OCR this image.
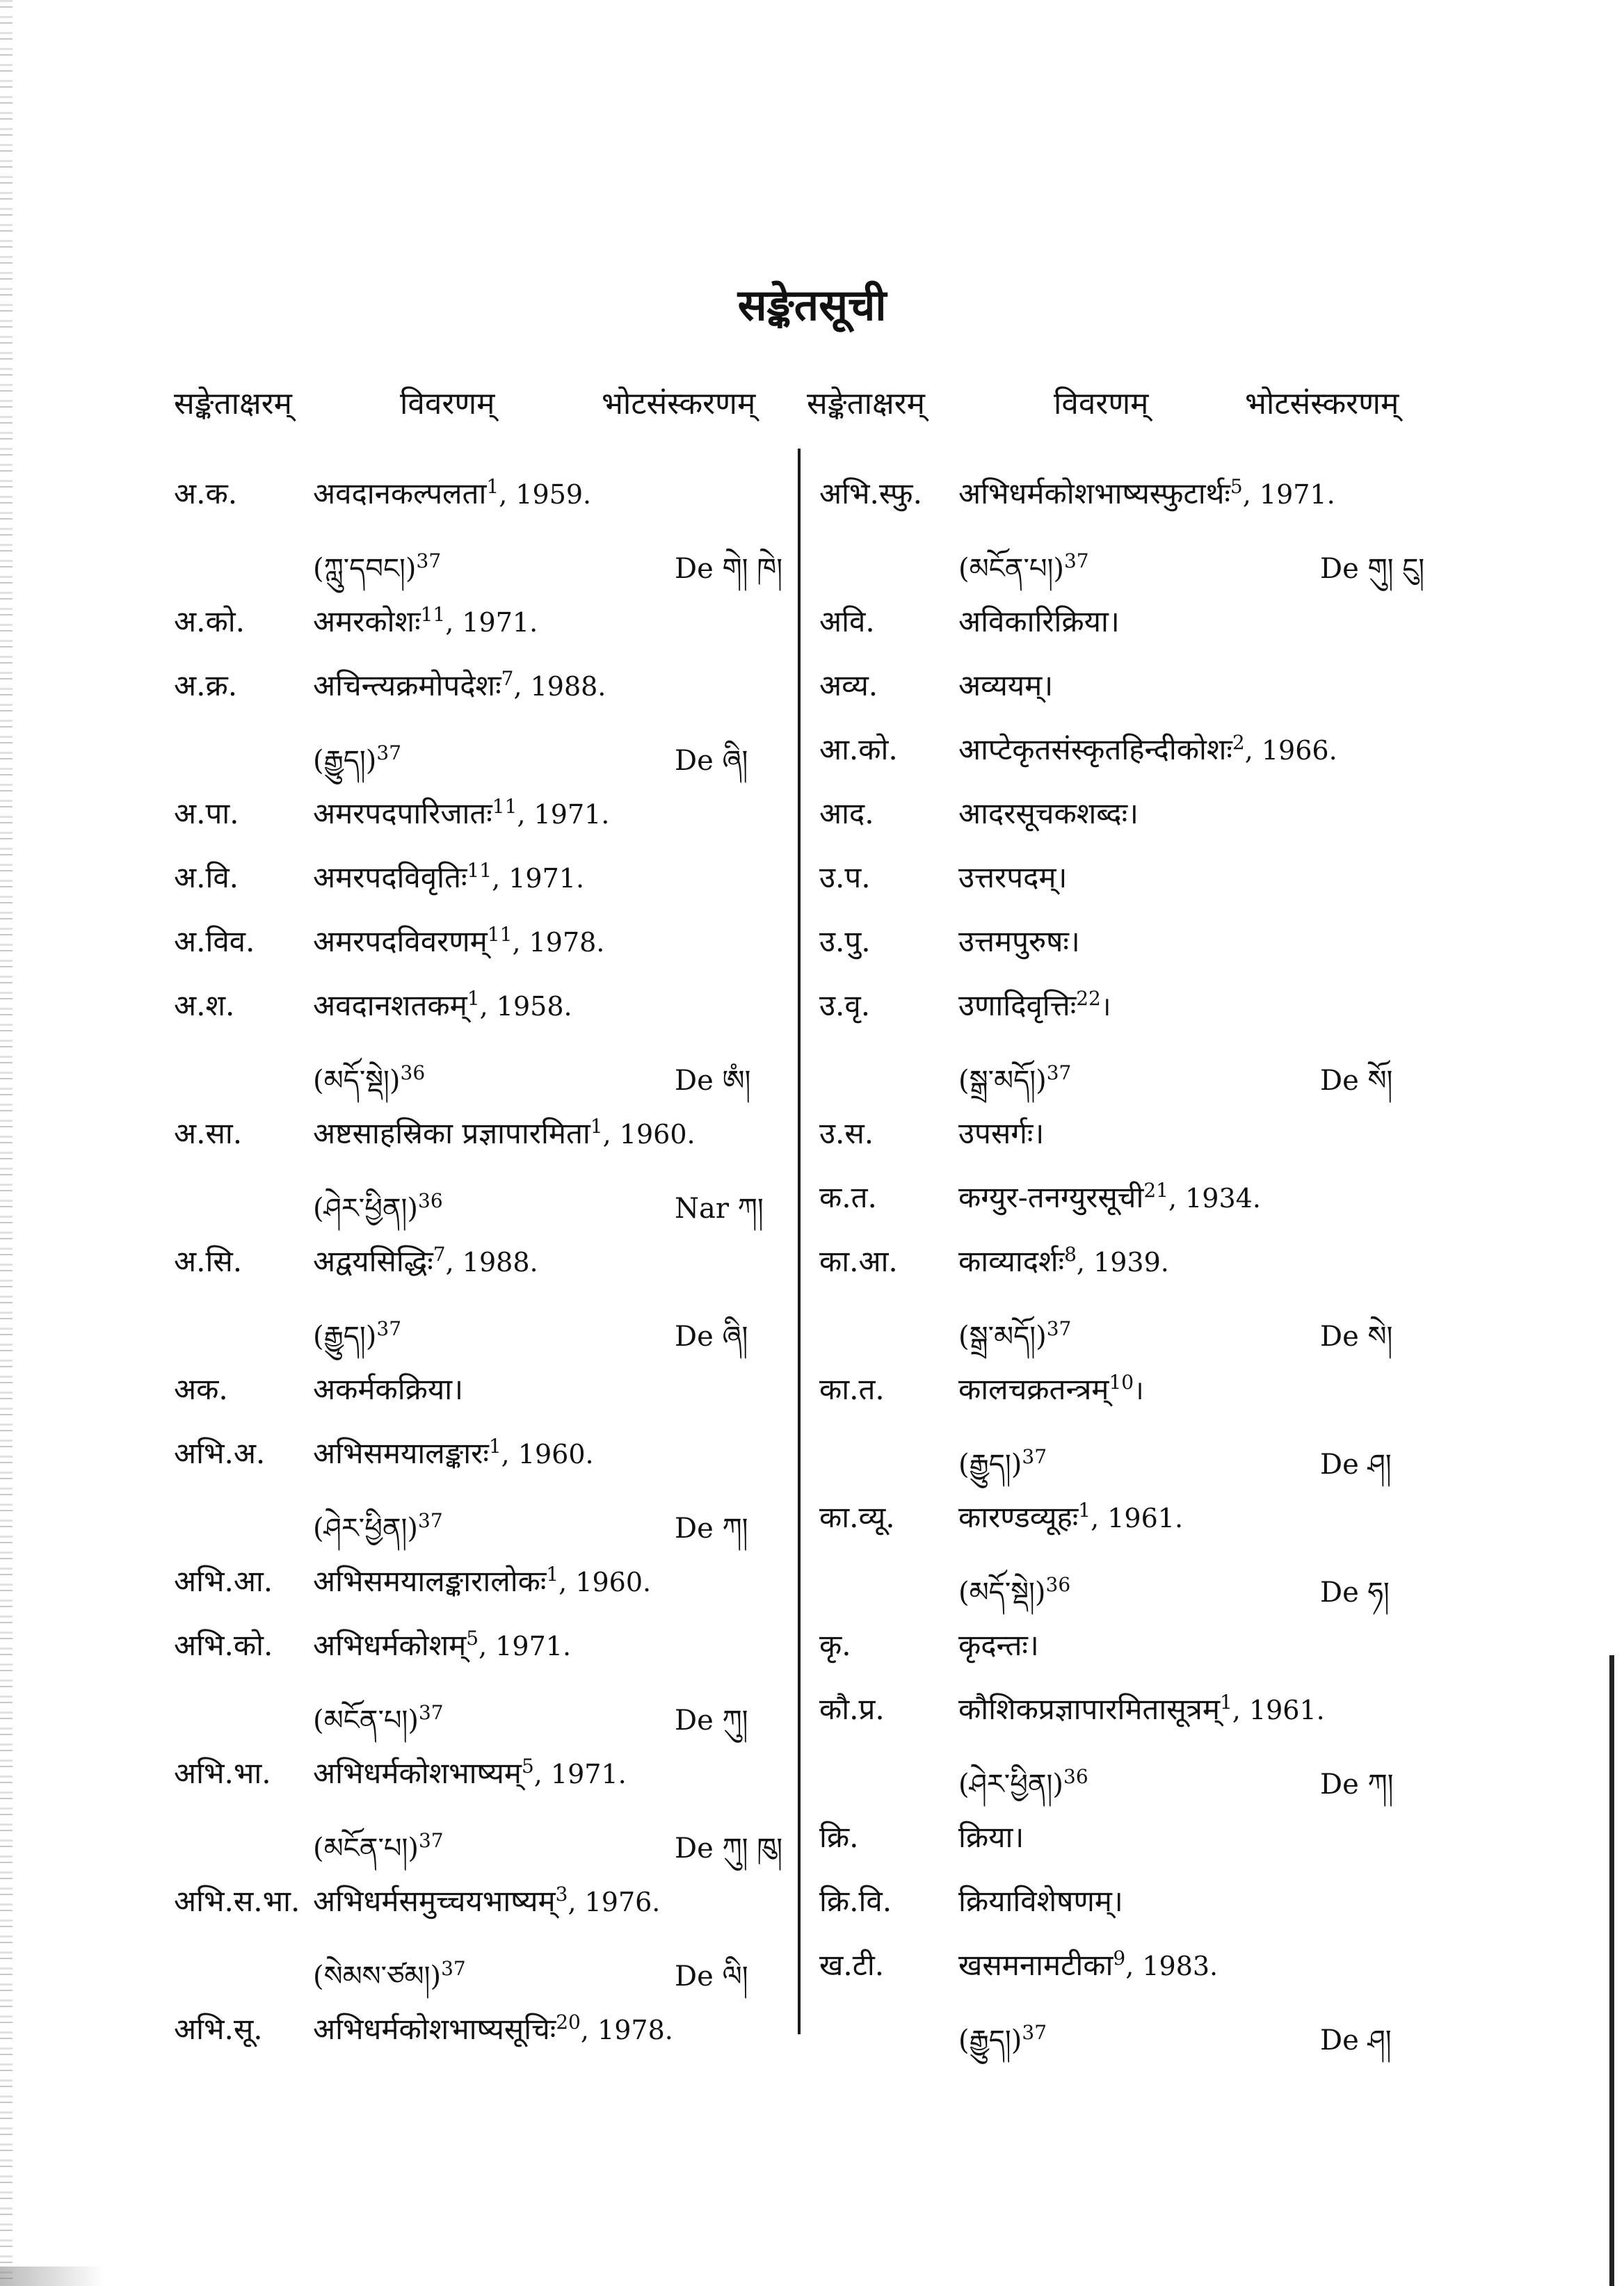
सङ्केतसूची
सङ्केताक्षरम्	विवरणम्	भोटसंस्करणम् सङ्केताक्षरम्	विवरणम्	भोटसंस्करणम्
अ.क.	अवदानकल्पलता$^1$, 1959.
(ཀླུ་དབང།)$^{37}$	De གེ། ཁེ།
अ.को.	अमरकोशः$^{11}$, 1971.
अ.क्र.	अचिन्त्यक्रमोपदेशः$^7$, 1988.
(རྒྱུད།)$^{37}$	De ཞི།
अ.पा.	अमरपदपारिजातः$^{11}$, 1971.
अ.वि.	अमरपदविवृतिः$^{11}$, 1971.
अ.विव.	अमरपदविवरणम्$^{11}$, 1978.
अ.श.	अवदानशतकम्$^1$, 1958.
(མདོ་སྡེ།)$^{36}$	De ཨཾ།
अ.सा.	अष्टसाहस्रिका प्रज्ञापारमिता$^1$, 1960.
(ཤེར་ཕྱིན།)$^{36}$	Nar ཀ།
अ.सि.	अद्वयसिद्धिः$^7$, 1988.
(རྒྱུད།)$^{37}$	De ཞི།
अक.	अकर्मकक्रिया।
अभि.अ.	अभिसमयालङ्कारः$^1$, 1960.
(ཤེར་ཕྱིན།)$^{37}$	De ཀ།
अभि.आ.	अभिसमयालङ्कारालोकः$^1$, 1960.
अभि.को.	अभिधर्मकोशम्$^5$, 1971.
(མངོན་པ།)$^{37}$	De ཀུ།
अभि.भा.	अभिधर्मकोशभाष्यम्$^5$, 1971.
(མངོན་པ།)$^{37}$	De ཀུ། ཁུ།
अभि.स.भा. अभिधर्मसमुच्चयभाष्यम्$^3$, 1976.
(སེམས་ཙམ།)$^{37}$	De ལི།
अभि.सू.	अभिधर्मकोशभाष्यसूचिः$^{20}$, 1978.
अभि.स्फु.	अभिधर्मकोशभाष्यस्फुटार्थः$^5$, 1971.
(མངོན་པ།)$^{37}$	De གུ། ངུ།
अवि.	अविकारिक्रिया।
अव्य.	अव्ययम्।
आ.को.	आप्टेकृतसंस्कृतहिन्दीकोशः$^2$, 1966.
आद.	आदरसूचकशब्दः।
उ.प.	उत्तरपदम्।
उ.पु.	उत्तमपुरुषः।
उ.वृ.	उणादिवृत्तिः$^{22}$।
(སྒྲ་མདོ།)$^{37}$	De སོ།
उ.स.	उपसर्गः।
क.त.	कग्युर-तनग्युरसूची$^{21}$, 1934.
का.आ.	काव्यादर्शः$^8$, 1939.
(སྒྲ་མདོ།)$^{37}$	De སེ།
का.त.	कालचक्रतन्त्रम्$^{10}$।
(རྒྱུད།)$^{37}$	De ཤ།
का.व्यू.	कारण्डव्यूहः$^1$, 1961.
(མདོ་སྡེ།)$^{36}$	De ཧ།
कृ.	कृदन्तः।
कौ.प्र.	कौशिकप्रज्ञापारमितासूत्रम्$^1$, 1961.
(ཤེར་ཕྱིན།)$^{36}$	De ཀ།
क्रि.	क्रिया।
क्रि.वि.	क्रियाविशेषणम्।
ख.टी.	खसमनामटीका$^9$, 1983.
(རྒྱུད།)$^{37}$	De ཤ།
